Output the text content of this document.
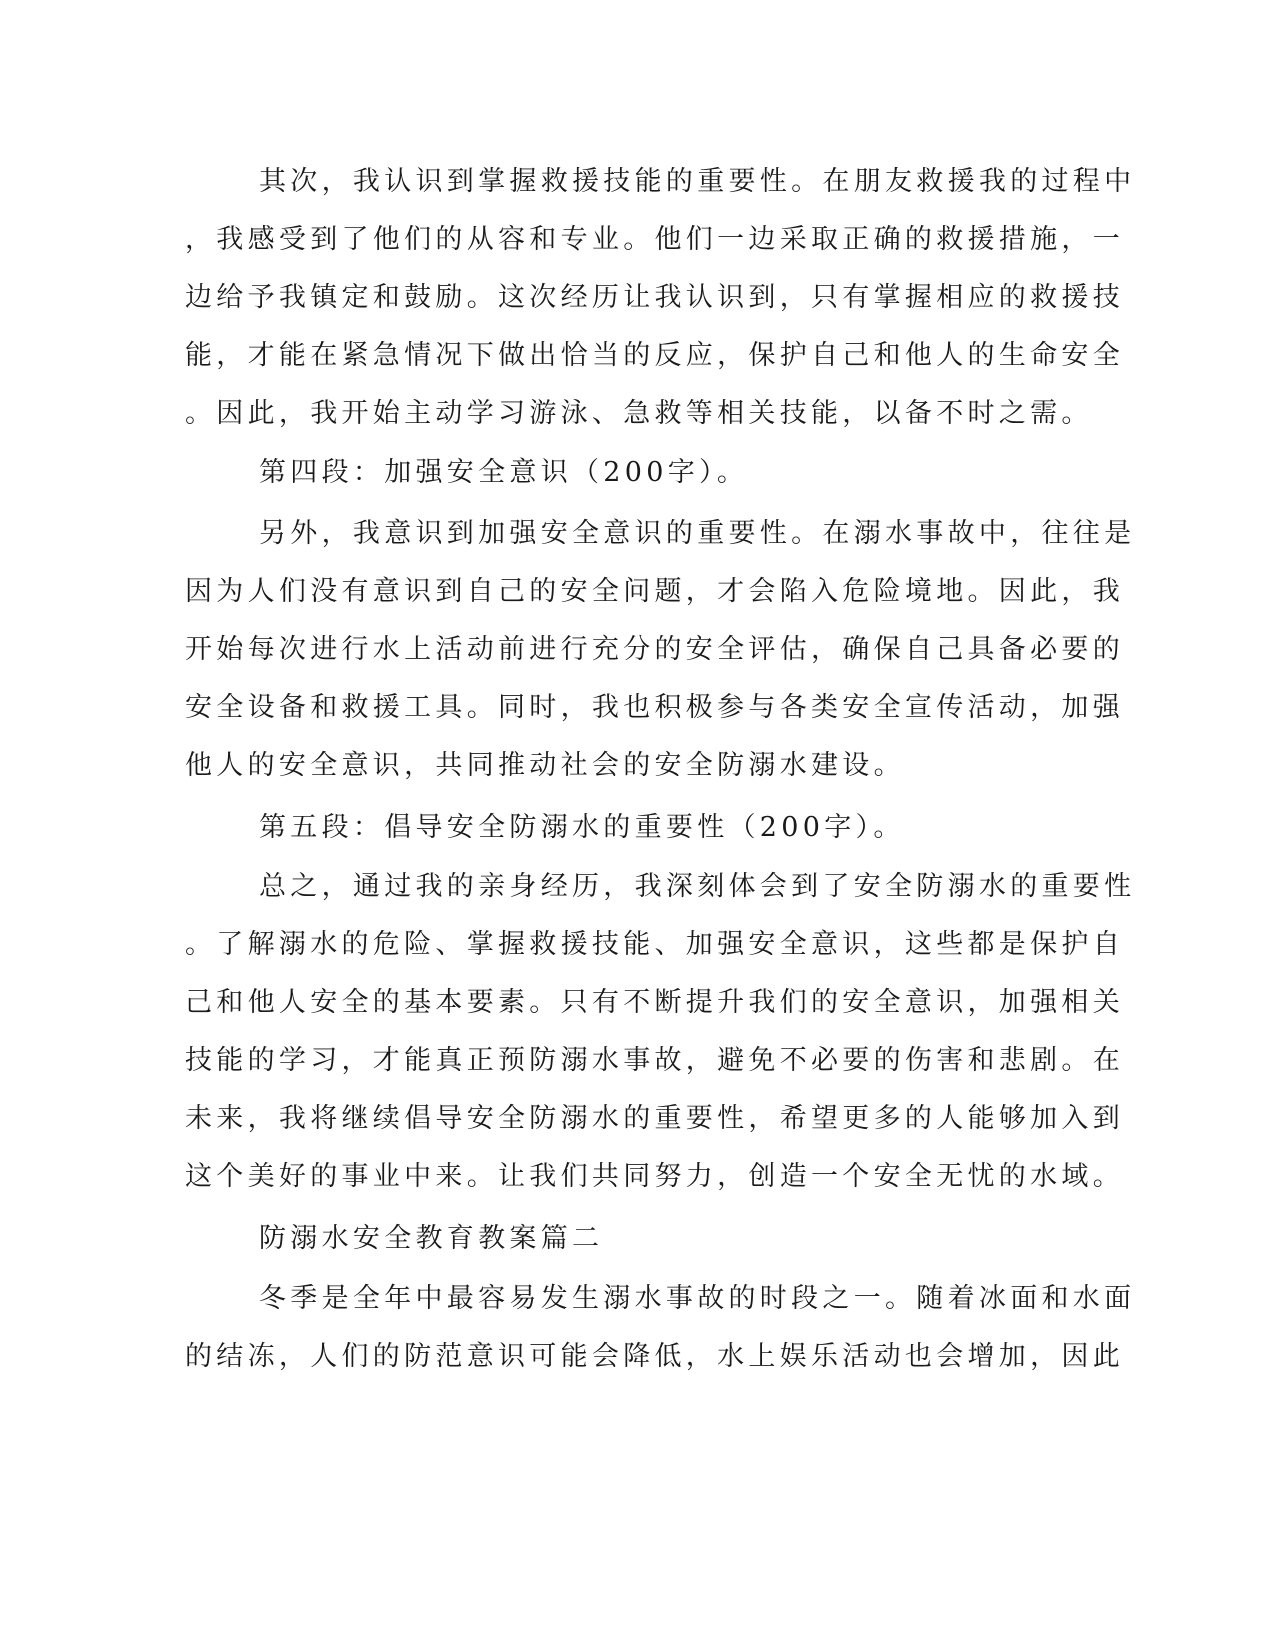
其次，我认识到掌握救援技能的重要性。在朋友救援我的过程中
，我感受到了他们的从容和专业。他们一边采取正确的救援措施，一
边给予我镇定和鼓励。这次经历让我认识到，只有掌握相应的救援技
能，才能在紧急情况下做出恰当的反应，保护自己和他人的生命安全
。因此，我开始主动学习游泳、急救等相关技能，以备不时之需。
第四段：加强安全意识（200字）。
另外，我意识到加强安全意识的重要性。在溺水事故中，往往是
因为人们没有意识到自己的安全问题，才会陷入危险境地。因此，我
开始每次进行水上活动前进行充分的安全评估，确保自己具备必要的
安全设备和救援工具。同时，我也积极参与各类安全宣传活动，加强
他人的安全意识，共同推动社会的安全防溺水建设。
第五段：倡导安全防溺水的重要性（200字）。
总之，通过我的亲身经历，我深刻体会到了安全防溺水的重要性
。了解溺水的危险、掌握救援技能、加强安全意识，这些都是保护自
己和他人安全的基本要素。只有不断提升我们的安全意识，加强相关
技能的学习，才能真正预防溺水事故，避免不必要的伤害和悲剧。在
未来，我将继续倡导安全防溺水的重要性，希望更多的人能够加入到
这个美好的事业中来。让我们共同努力，创造一个安全无忧的水域。
防溺水安全教育教案篇二
冬季是全年中最容易发生溺水事故的时段之一。随着冰面和水面
的结冻，人们的防范意识可能会降低，水上娱乐活动也会增加，因此
